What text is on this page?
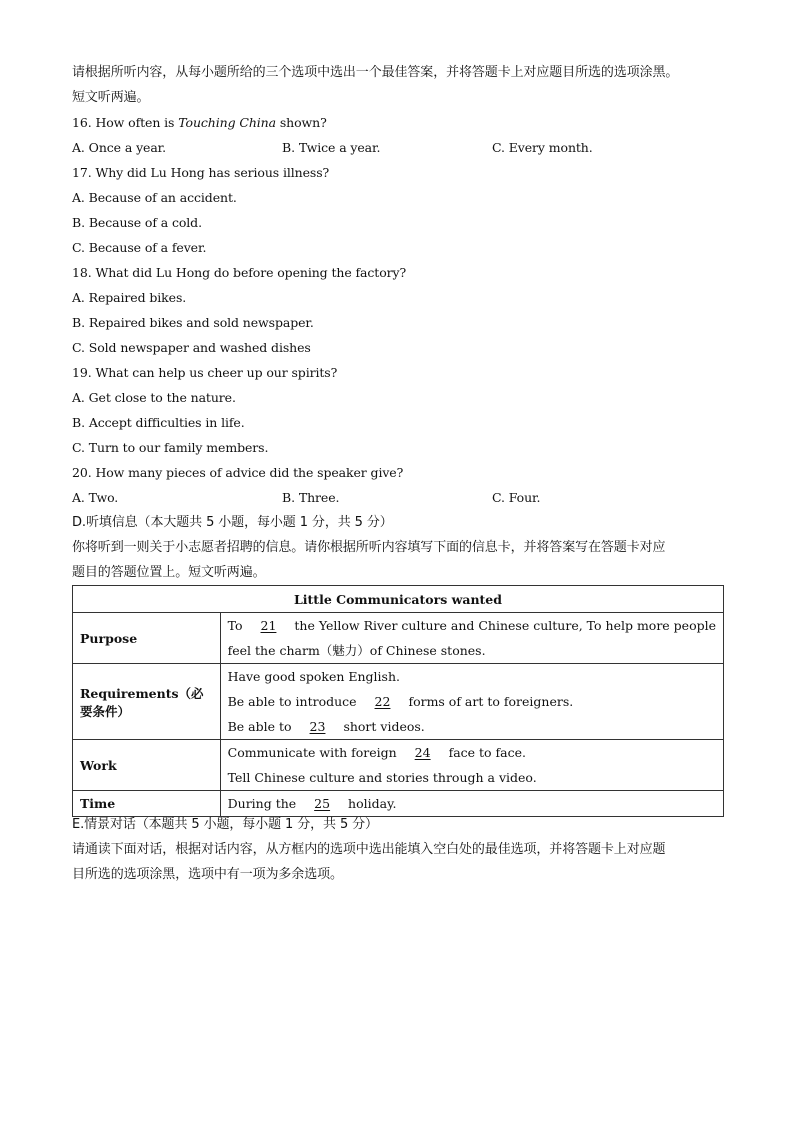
请根据所听内容，从每小题所给的三个选项中选出一个最佳答案，并将答题卡上对应题目所选的选项涂黑。
短文听两遍。
16. How often is Touching China shown?
A. Once a year.	B. Twice a year.	C. Every month.
17. Why did Lu Hong has serious illness?
A. Because of an accident.
B. Because of a cold.
C. Because of a fever.
18. What did Lu Hong do before opening the factory?
A. Repaired bikes.
B. Repaired bikes and sold newspaper.
C. Sold newspaper and washed dishes
19. What can help us cheer up our spirits?
A. Get close to the nature.
B. Accept difficulties in life.
C. Turn to our family members.
20. How many pieces of advice did the speaker give?
A. Two.	B. Three.	C. Four.
D.听填信息（本大题共 5 小题，每小题 1 分，共 5 分）
你将听到一则关于小志愿者招聘的信息。请你根据所听内容填写下面的信息卡，并将答案写在答题卡对应
题目的答题位置上。短文听两遍。
Little Communicators wanted	
Purpose	To 21 the Yellow River culture and Chinese culture, To help more people
feel the charm（魅力）of Chinese stones.

Requirements（必要条件）	Have good spoken English.
Be able to introduce 22 forms of art to foreigners.
Be able to 23 short videos.

Work	Communicate with foreign 24 face to face.
Tell Chinese culture and stories through a video.

Time	During the 25 holiday.
E.情景对话（本题共 5 小题，每小题 1 分，共 5 分）
请通读下面对话，根据对话内容，从方框内的选项中选出能填入空白处的最佳选项，并将答题卡上对应题
目所选的选项涂黑，选项中有一项为多余选项。
